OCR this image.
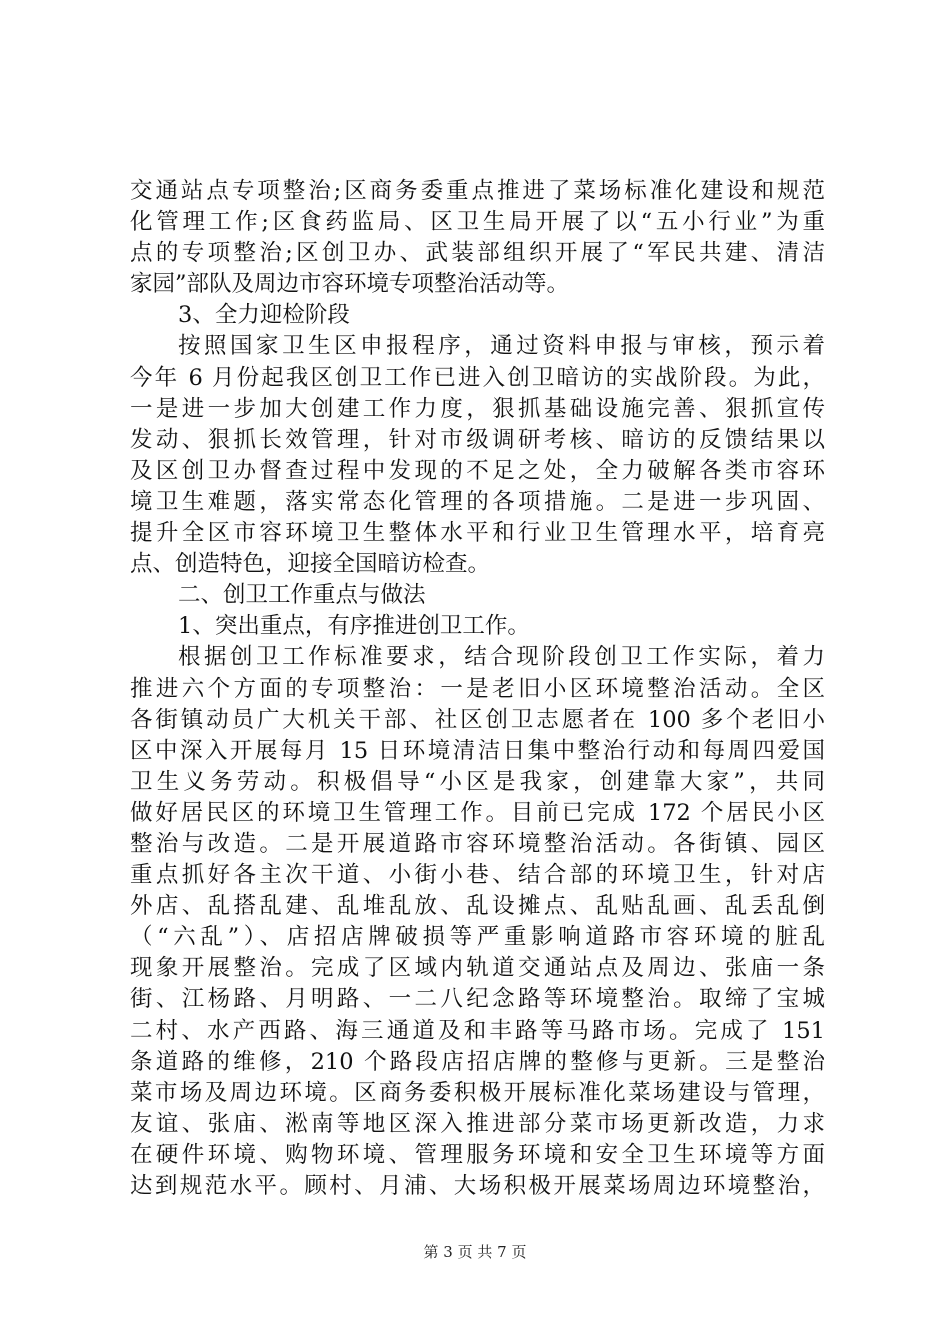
交通站点专项整治;区商务委重点推进了菜场标准化建设和规范
化管理工作;区食药监局、区卫生局开展了以“五小行业”为重
点的专项整治;区创卫办、武装部组织开展了“军民共建、清洁
家园”部队及周边市容环境专项整治活动等。
3、全力迎检阶段
按照国家卫生区申报程序，通过资料申报与审核，预示着
今年 6 月份起我区创卫工作已进入创卫暗访的实战阶段。为此，
一是进一步加大创建工作力度，狠抓基础设施完善、狠抓宣传
发动、狠抓长效管理，针对市级调研考核、暗访的反馈结果以
及区创卫办督查过程中发现的不足之处，全力破解各类市容环
境卫生难题，落实常态化管理的各项措施。二是进一步巩固、
提升全区市容环境卫生整体水平和行业卫生管理水平，培育亮
点、创造特色，迎接全国暗访检查。
二、创卫工作重点与做法
1、突出重点，有序推进创卫工作。
根据创卫工作标准要求，结合现阶段创卫工作实际，着力
推进六个方面的专项整治：一是老旧小区环境整治活动。全区
各街镇动员广大机关干部、社区创卫志愿者在 100 多个老旧小
区中深入开展每月 15 日环境清洁日集中整治行动和每周四爱国
卫生义务劳动。积极倡导“小区是我家，创建靠大家”，共同
做好居民区的环境卫生管理工作。目前已完成 172 个居民小区
整治与改造。二是开展道路市容环境整治活动。各街镇、园区
重点抓好各主次干道、小街小巷、结合部的环境卫生，针对店
外店、乱搭乱建、乱堆乱放、乱设摊点、乱贴乱画、乱丢乱倒
（“六乱”）、店招店牌破损等严重影响道路市容环境的脏乱
现象开展整治。完成了区域内轨道交通站点及周边、张庙一条
街、江杨路、月明路、一二八纪念路等环境整治。取缔了宝城
二村、水产西路、海三通道及和丰路等马路市场。完成了 151
条道路的维修，210 个路段店招店牌的整修与更新。三是整治
菜市场及周边环境。区商务委积极开展标准化菜场建设与管理，
友谊、张庙、淞南等地区深入推进部分菜市场更新改造，力求
在硬件环境、购物环境、管理服务环境和安全卫生环境等方面
达到规范水平。顾村、月浦、大场积极开展菜场周边环境整治，
第 3 页 共 7 页
